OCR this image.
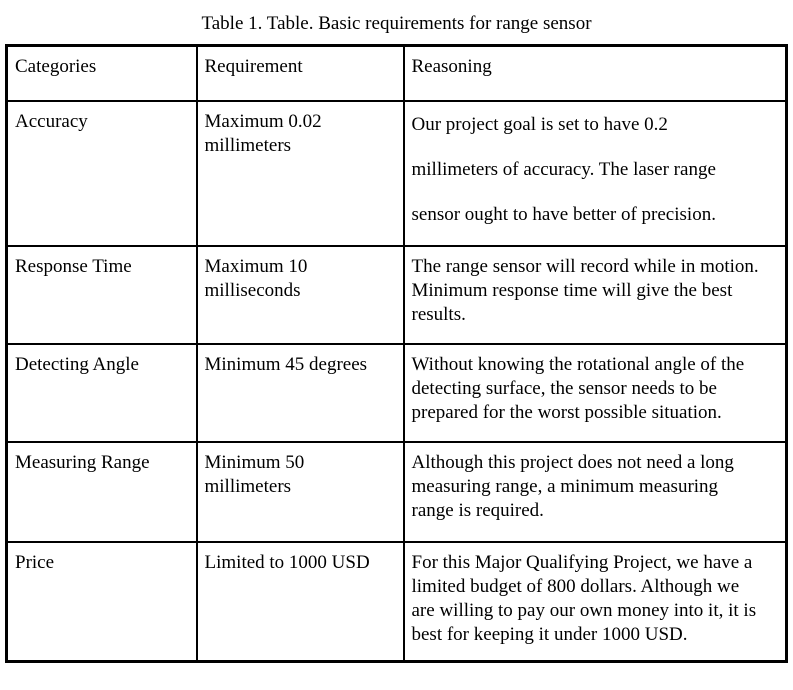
Table 1. Table. Basic requirements for range sensor
Categories	Requirement	Reasoning
Accuracy	Maximum 0.02 millimeters	Our project goal is set to have 0.2 millimeters of accuracy. The laser range sensor ought to have better of precision.
Response Time	Maximum 10 milliseconds	The range sensor will record while in motion. Minimum response time will give the best results.
Detecting Angle	Minimum 45 degrees	Without knowing the rotational angle of the detecting surface, the sensor needs to be prepared for the worst possible situation.
Measuring Range	Minimum 50 millimeters	Although this project does not need a long measuring range, a minimum measuring range is required.
Price	Limited to 1000 USD	For this Major Qualifying Project, we have a limited budget of 800 dollars. Although we are willing to pay our own money into it, it is best for keeping it under 1000 USD.
